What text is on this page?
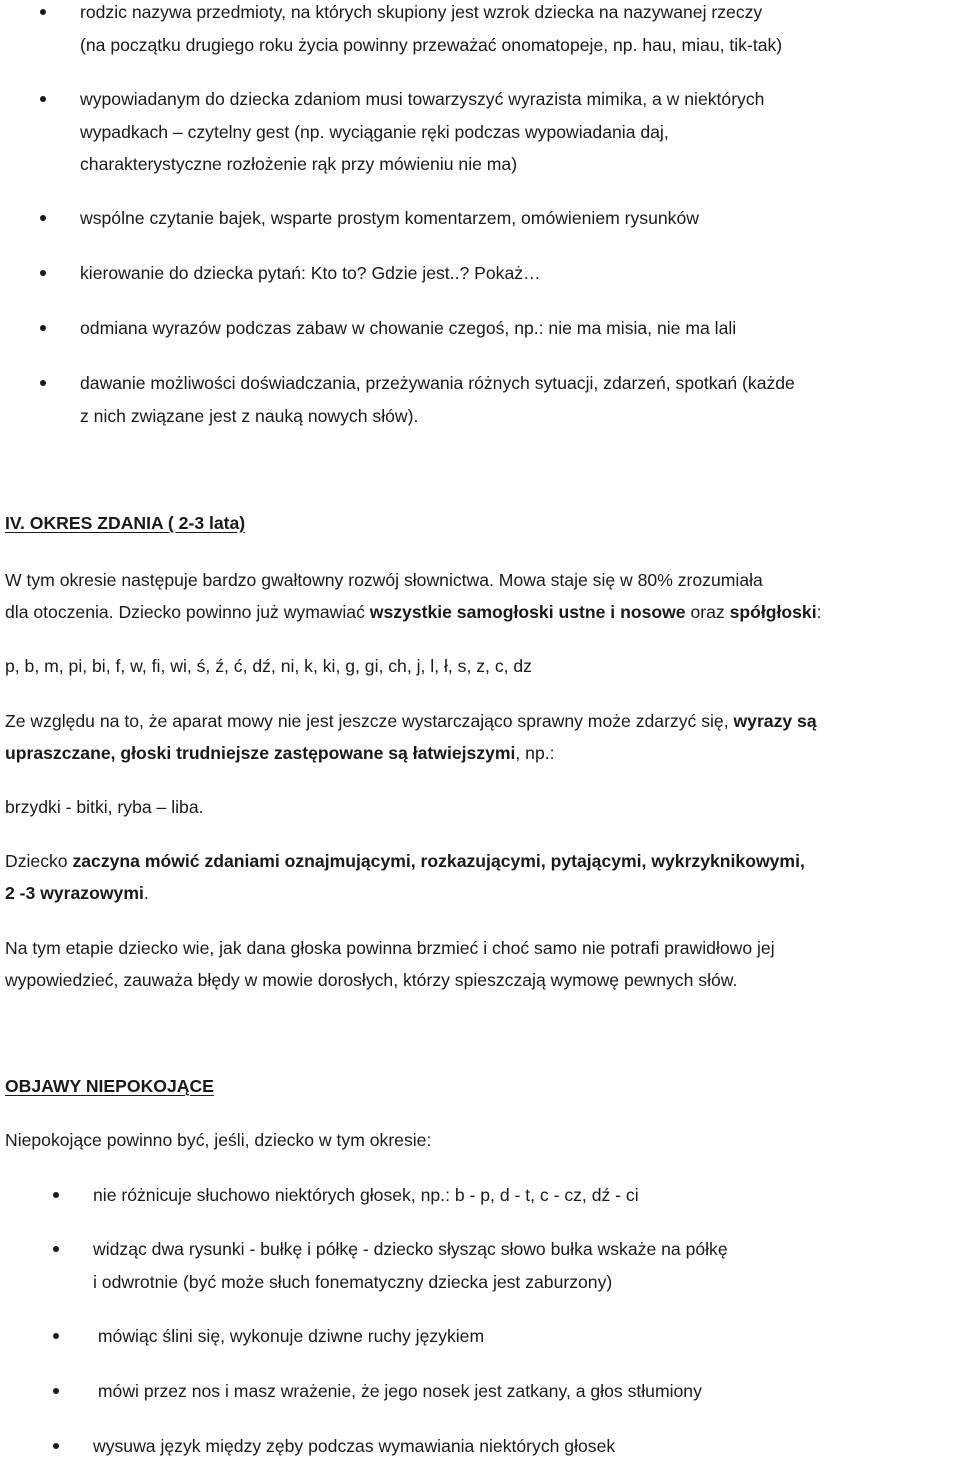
rodzic nazywa przedmioty, na których skupiony jest wzrok dziecka na nazywanej rzeczy
(na początku drugiego roku życia powinny przeważać onomatopeje, np. hau, miau, tik-tak)
wypowiadanym do dziecka zdaniom musi towarzyszyć wyrazista mimika, a w niektórych
wypadkach – czytelny gest (np. wyciąganie ręki podczas wypowiadania daj,
charakterystyczne rozłożenie rąk przy mówieniu nie ma)
wspólne czytanie bajek, wsparte prostym komentarzem, omówieniem rysunków
kierowanie do dziecka pytań: Kto to? Gdzie jest..? Pokaż…
odmiana wyrazów podczas zabaw w chowanie czegoś, np.: nie ma misia, nie ma lali
dawanie możliwości doświadczania, przeżywania różnych sytuacji, zdarzeń, spotkań (każde
z nich związane jest z nauką nowych słów).
IV. OKRES ZDANIA ( 2-3 lata)
W tym okresie następuje bardzo gwałtowny rozwój słownictwa. Mowa staje się w 80% zrozumiała
dla otoczenia. Dziecko powinno już wymawiać wszystkie samogłoski ustne i nosowe oraz spółgłoski:
p, b, m, pi, bi, f, w, fi, wi, ś, ź, ć, dź, ni, k, ki, g, gi, ch, j, l, ł, s, z, c, dz
Ze względu na to, że aparat mowy nie jest jeszcze wystarczająco sprawny może zdarzyć się, wyrazy są
upraszczane, głoski trudniejsze zastępowane są łatwiejszymi, np.:
brzydki - bitki, ryba – liba.
Dziecko zaczyna mówić zdaniami oznajmującymi, rozkazującymi, pytającymi, wykrzyknikowymi,
2 -3 wyrazowymi.
Na tym etapie dziecko wie, jak dana głoska powinna brzmieć i choć samo nie potrafi prawidłowo jej
wypowiedzieć, zauważa błędy w mowie dorosłych, którzy spieszczają wymowę pewnych słów.
OBJAWY NIEPOKOJĄCE
Niepokojące powinno być, jeśli, dziecko w tym okresie:
nie różnicuje słuchowo niektórych głosek, np.: b - p, d - t, c - cz, dź - ci
widząc dwa rysunki - bułkę i półkę - dziecko słysząc słowo bułka wskaże na półkę
i odwrotnie (być może słuch fonematyczny dziecka jest zaburzony)
mówiąc ślini się, wykonuje dziwne ruchy językiem
mówi przez nos i masz wrażenie, że jego nosek jest zatkany, a głos stłumiony
wysuwa język między zęby podczas wymawiania niektórych głosek
